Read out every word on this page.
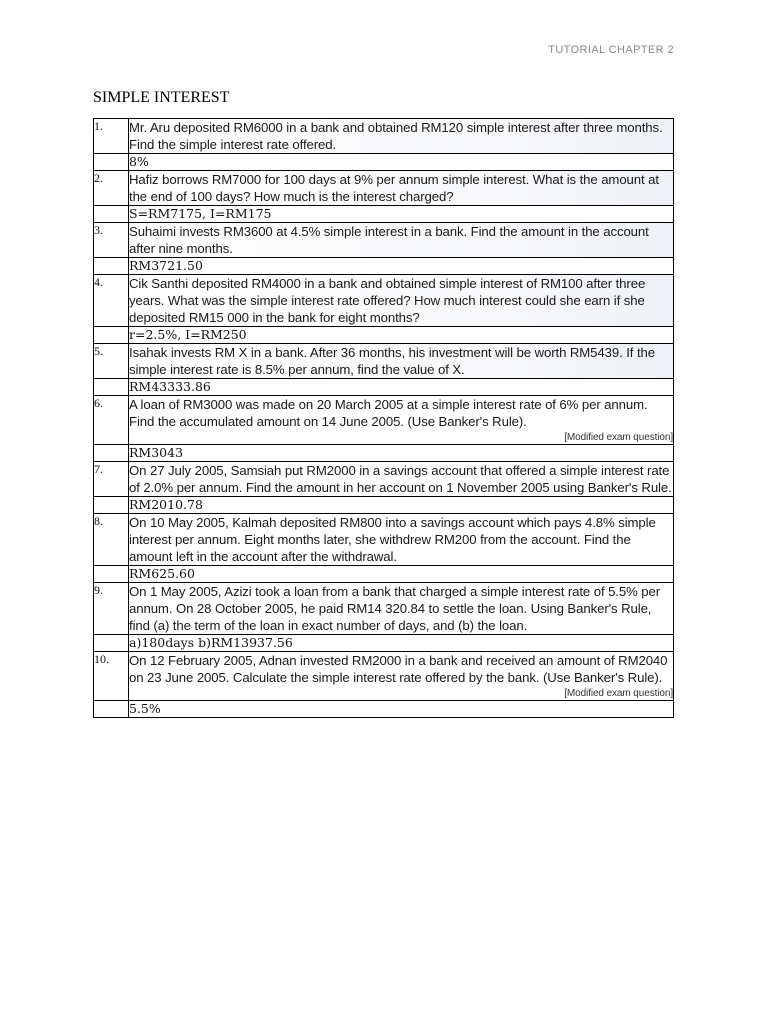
TUTORIAL CHAPTER 2
SIMPLE INTEREST
1.	Mr. Aru deposited RM6000 in a bank and obtained RM120 simple interest after three months. Find the simple interest rate offered.
	8%
2.	Hafiz borrows RM7000 for 100 days at 9% per annum simple interest. What is the amount at the end of 100 days? How much is the interest charged?
	S=RM7175, I=RM175
3.	Suhaimi invests RM3600 at 4.5% simple interest in a bank. Find the amount in the account after nine months.
	RM3721.50
4.	Cik Santhi deposited RM4000 in a bank and obtained simple interest of RM100 after three years. What was the simple interest rate offered? How much interest could she earn if she deposited RM15 000 in the bank for eight months?
	r=2.5%, I=RM250
5.	Isahak invests RM X in a bank. After 36 months, his investment will be worth RM5439. If the simple interest rate is 8.5% per annum, find the value of X.
	RM43333.86
6.	A loan of RM3000 was made on 20 March 2005 at a simple interest rate of 6% per annum. Find the accumulated amount on 14 June 2005. (Use Banker's Rule).
[Modified exam question]

	RM3043
7.	On 27 July 2005, Samsiah put RM2000 in a savings account that offered a simple interest rate of 2.0% per annum. Find the amount in her account on 1 November 2005 using Banker's Rule.
	RM2010.78
8.	On 10 May 2005, Kalmah deposited RM800 into a savings account which pays 4.8% simple interest per annum. Eight months later, she withdrew RM200 from the account. Find the amount left in the account after the withdrawal.
	RM625.60
9.	On 1 May 2005, Azizi took a loan from a bank that charged a simple interest rate of 5.5% per annum. On 28 October 2005, he paid RM14 320.84 to settle the loan. Using Banker's Rule, find (a) the term of the loan in exact number of days, and (b) the loan.
	a)180days b)RM13937.56
10.	On 12 February 2005, Adnan invested RM2000 in a bank and received an amount of RM2040 on 23 June 2005. Calculate the simple interest rate offered by the bank. (Use Banker's Rule).
[Modified exam question]

	5.5%
